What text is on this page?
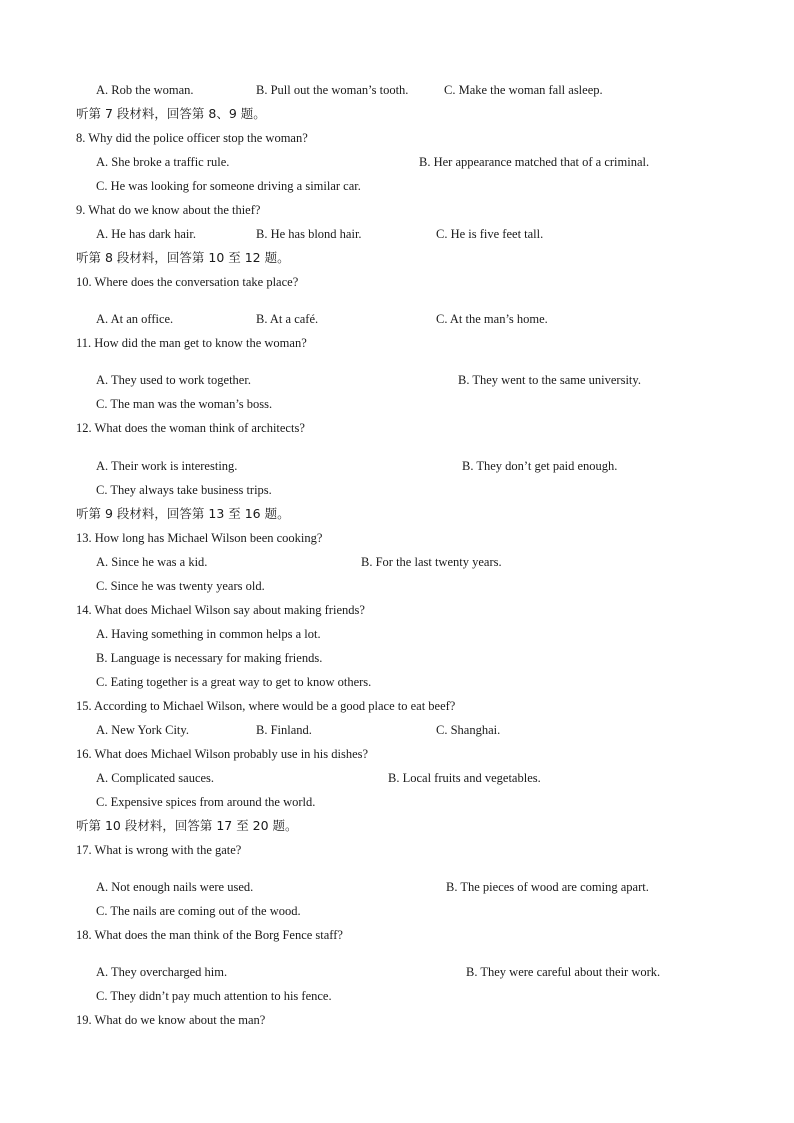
A. Rob the woman.	B. Pull out the woman’s tooth.	C. Make the woman fall asleep.
听第 7 段材料，回答第 8、9 题。
8. Why did the police officer stop the woman?
A. She broke a traffic rule.	B. Her appearance matched that of a criminal.
C. He was looking for someone driving a similar car.
9. What do we know about the thief?
A. He has dark hair.	B. He has blond hair.	C. He is five feet tall.
听第 8 段材料，回答第 10 至 12 题。
10. Where does the conversation take place?
A. At an office.	B. At a café.	C. At the man’s home.
11. How did the man get to know the woman?
A. They used to work together.	B. They went to the same university.
C. The man was the woman’s boss.
12. What does the woman think of architects?
A. Their work is interesting.	B. They don’t get paid enough.
C. They always take business trips.
听第 9 段材料，回答第 13 至 16 题。
13. How long has Michael Wilson been cooking?
A. Since he was a kid.	B. For the last twenty years.
C. Since he was twenty years old.
14. What does Michael Wilson say about making friends?
A. Having something in common helps a lot.
B. Language is necessary for making friends.
C. Eating together is a great way to get to know others.
15. According to Michael Wilson, where would be a good place to eat beef?
A. New York City.	B. Finland.	C. Shanghai.
16. What does Michael Wilson probably use in his dishes?
A. Complicated sauces.	B. Local fruits and vegetables.
C. Expensive spices from around the world.
听第 10 段材料，回答第 17 至 20 题。
17. What is wrong with the gate?
A. Not enough nails were used.	B. The pieces of wood are coming apart.
C. The nails are coming out of the wood.
18. What does the man think of the Borg Fence staff?
A. They overcharged him.	B. They were careful about their work.
C. They didn’t pay much attention to his fence.
19. What do we know about the man?
